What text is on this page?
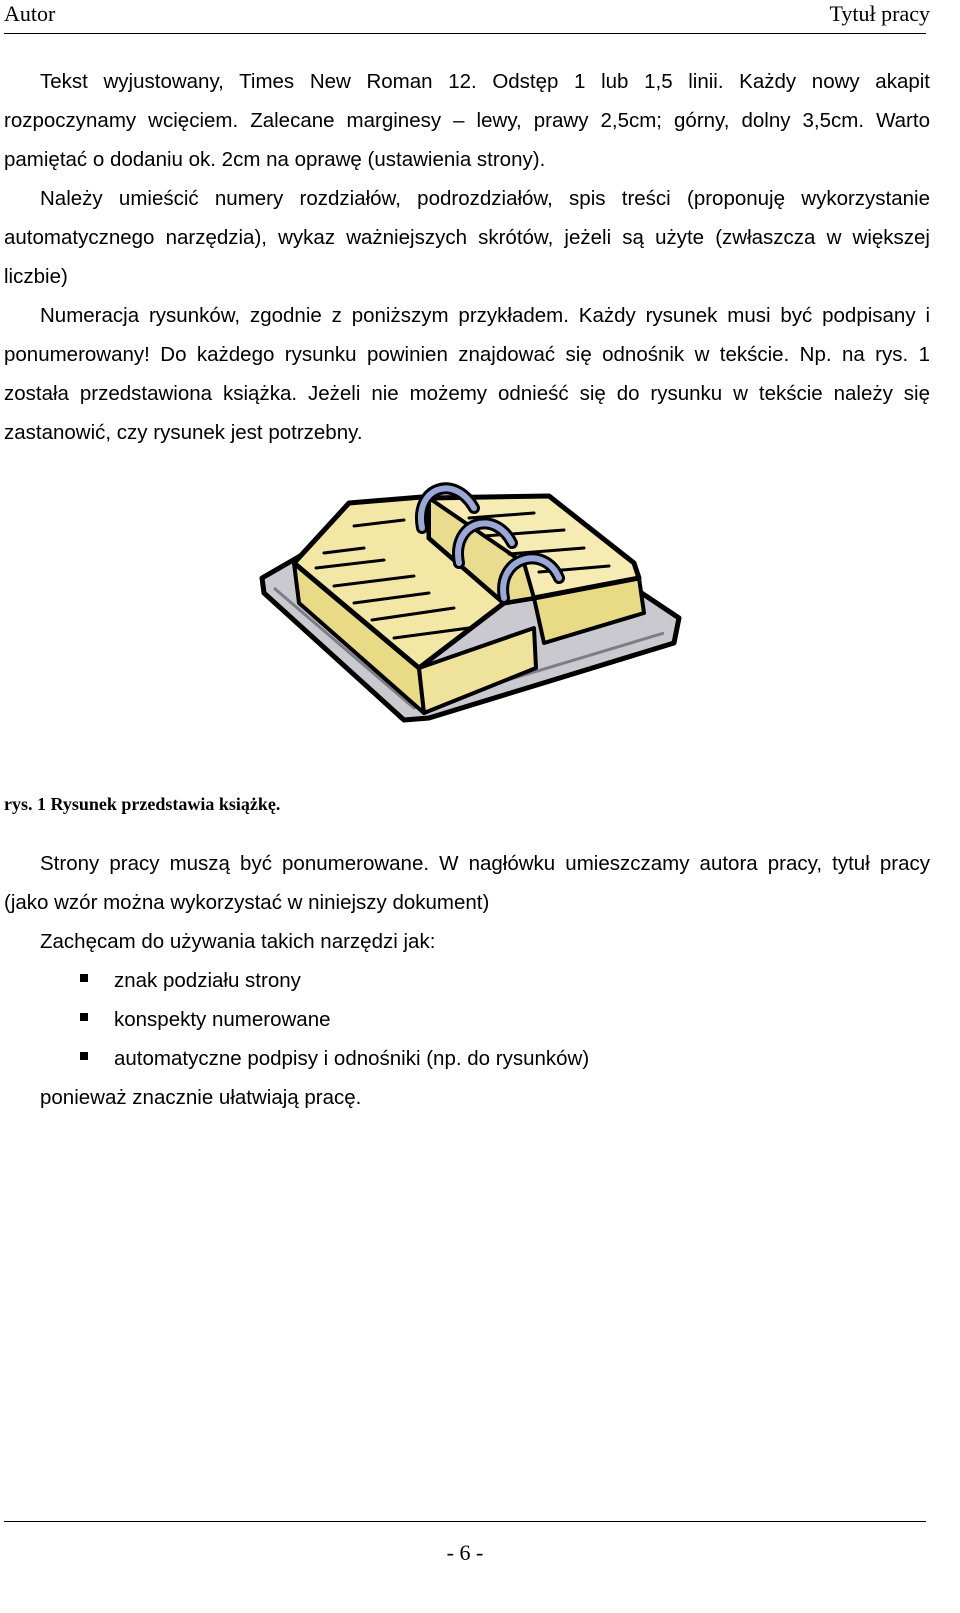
Autor	Tytuł pracy

Tekst wyjustowany, Times New Roman 12. Odstęp 1 lub 1,5 linii. Każdy nowy akapit rozpoczynamy wcięciem. Zalecane marginesy – lewy, prawy 2,5cm; górny, dolny 3,5cm. Warto pamiętać o dodaniu ok. 2cm na oprawę (ustawienia strony).

Należy umieścić numery rozdziałów, podrozdziałów, spis treści (proponuję wykorzystanie automatycznego narzędzia), wykaz ważniejszych skrótów, jeżeli są użyte (zwłaszcza w większej liczbie)

Numeracja rysunków, zgodnie z poniższym przykładem. Każdy rysunek musi być podpisany i ponumerowany! Do każdego rysunku powinien znajdować się odnośnik w tekście. Np. na rys. 1 została przedstawiona książka. Jeżeli nie możemy odnieść się do rysunku w tekście należy się zastanowić, czy rysunek jest potrzebny.

rys. 1 Rysunek przedstawia książkę.

Strony pracy muszą być ponumerowane. W nagłówku umieszczamy autora pracy, tytuł pracy (jako wzór można wykorzystać w niniejszy dokument)

Zachęcam do używania takich narzędzi jak:

znak podziału strony
konspekty numerowane
automatyczne podpisy i odnośniki (np. do rysunków)

ponieważ znacznie ułatwiają pracę.

- 6 -
